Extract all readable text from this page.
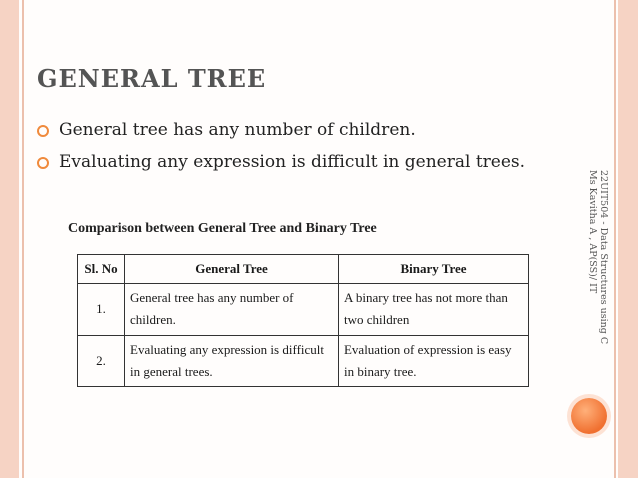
GENERAL TREE
General tree has any number of children.
Evaluating any expression is difficult in general trees.
Comparison between General Tree and Binary Tree
Sl. No	General Tree	Binary Tree
1.	General tree has any number of children.	A binary tree has not more than two children
2.	Evaluating any expression is difficult in general trees.	Evaluation of expression is easy in binary tree.
22UIT504 - Data Structures using C
Ms Kavitha A , AP(SS)/ IT
